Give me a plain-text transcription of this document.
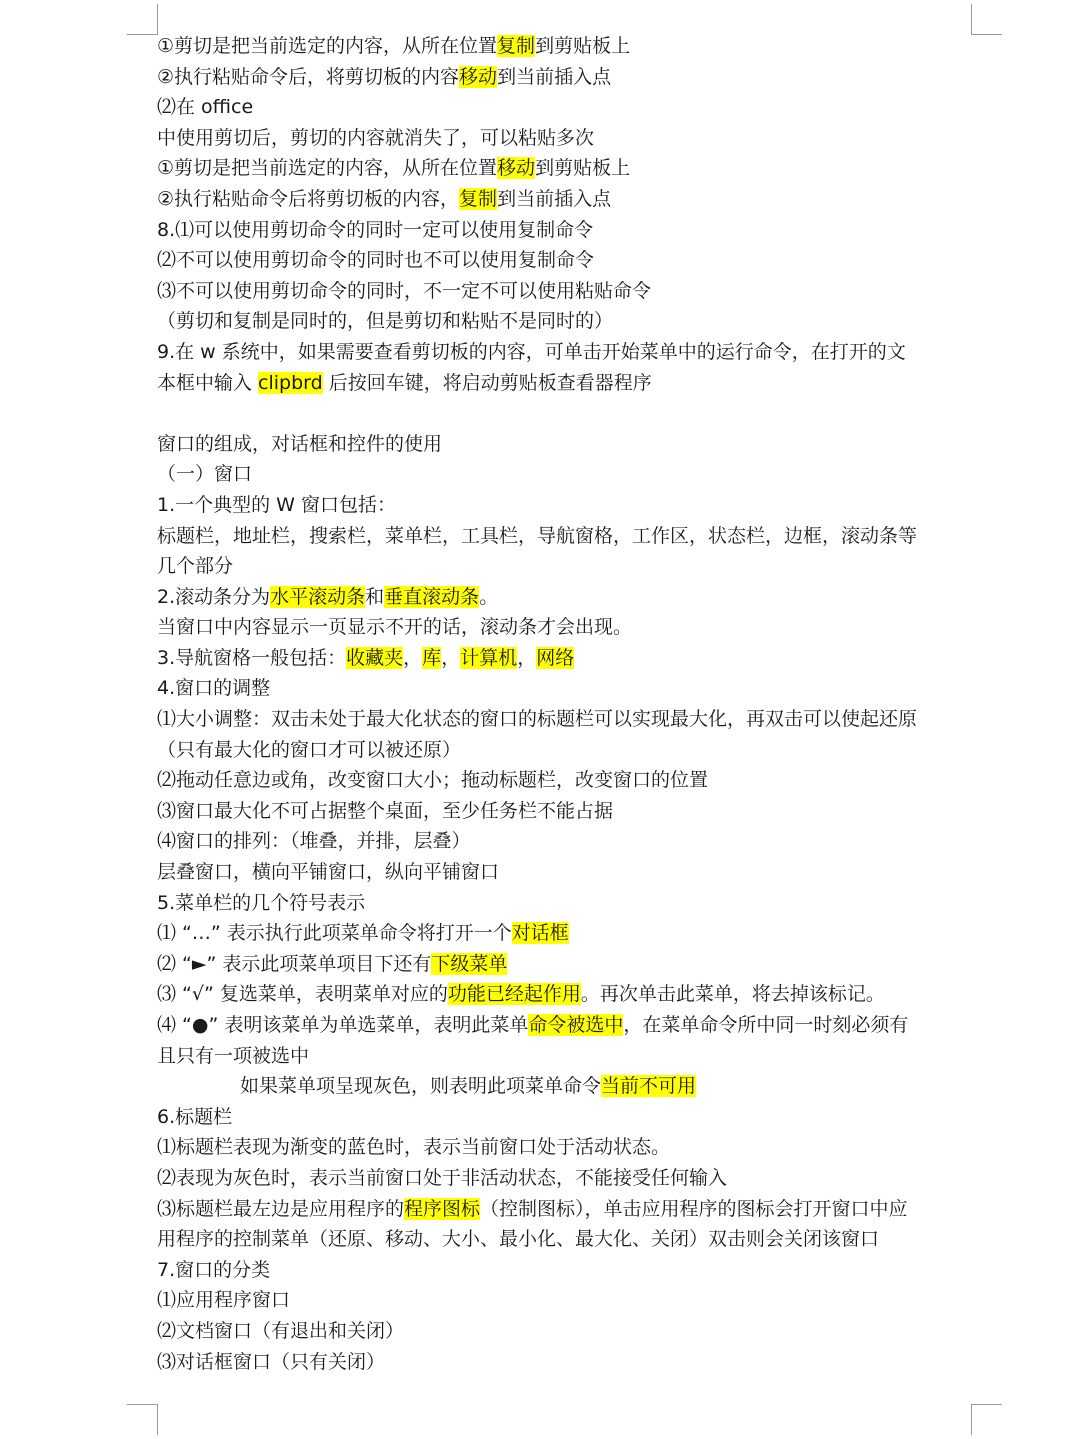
①剪切是把当前选定的内容，从所在位置复制到剪贴板上
②执行粘贴命令后，将剪切板的内容移动到当前插入点
⑵在 office
中使用剪切后，剪切的内容就消失了，可以粘贴多次
①剪切是把当前选定的内容，从所在位置移动到剪贴板上
②执行粘贴命令后将剪切板的内容，复制到当前插入点
8.⑴可以使用剪切命令的同时一定可以使用复制命令
⑵不可以使用剪切命令的同时也不可以使用复制命令
⑶不可以使用剪切命令的同时，不一定不可以使用粘贴命令
（剪切和复制是同时的，但是剪切和粘贴不是同时的）
9.在 w 系统中，如果需要查看剪切板的内容，可单击开始菜单中的运行命令，在打开的文
本框中输入 clipbrd 后按回车键，将启动剪贴板查看器程序
窗口的组成，对话框和控件的使用
（一）窗口
1.一个典型的 W 窗口包括：
标题栏，地址栏，搜索栏，菜单栏，工具栏，导航窗格，工作区，状态栏，边框，滚动条等
几个部分
2.滚动条分为水平滚动条和垂直滚动条。
当窗口中内容显示一页显示不开的话，滚动条才会出现。
3.导航窗格一般包括：收藏夹，库，计算机，网络
4.窗口的调整
⑴大小调整：双击未处于最大化状态的窗口的标题栏可以实现最大化，再双击可以使起还原
（只有最大化的窗口才可以被还原）
⑵拖动任意边或角，改变窗口大小；拖动标题栏，改变窗口的位置
⑶窗口最大化不可占据整个桌面，至少任务栏不能占据
⑷窗口的排列：（堆叠，并排，层叠）
层叠窗口，横向平铺窗口，纵向平铺窗口
5.菜单栏的几个符号表示
⑴ “…” 表示执行此项菜单命令将打开一个对话框
⑵ “►” 表示此项菜单项目下还有下级菜单
⑶ “√” 复选菜单，表明菜单对应的功能已经起作用。再次单击此菜单，将去掉该标记。
⑷ “●” 表明该菜单为单选菜单，表明此菜单命令被选中，在菜单命令所中同一时刻必须有
且只有一项被选中
如果菜单项呈现灰色，则表明此项菜单命令当前不可用
6.标题栏
⑴标题栏表现为渐变的蓝色时，表示当前窗口处于活动状态。
⑵表现为灰色时，表示当前窗口处于非活动状态，不能接受任何输入
⑶标题栏最左边是应用程序的程序图标（控制图标），单击应用程序的图标会打开窗口中应
用程序的控制菜单（还原、移动、大小、最小化、最大化、关闭）双击则会关闭该窗口
7.窗口的分类
⑴应用程序窗口
⑵文档窗口（有退出和关闭）
⑶对话框窗口（只有关闭）
